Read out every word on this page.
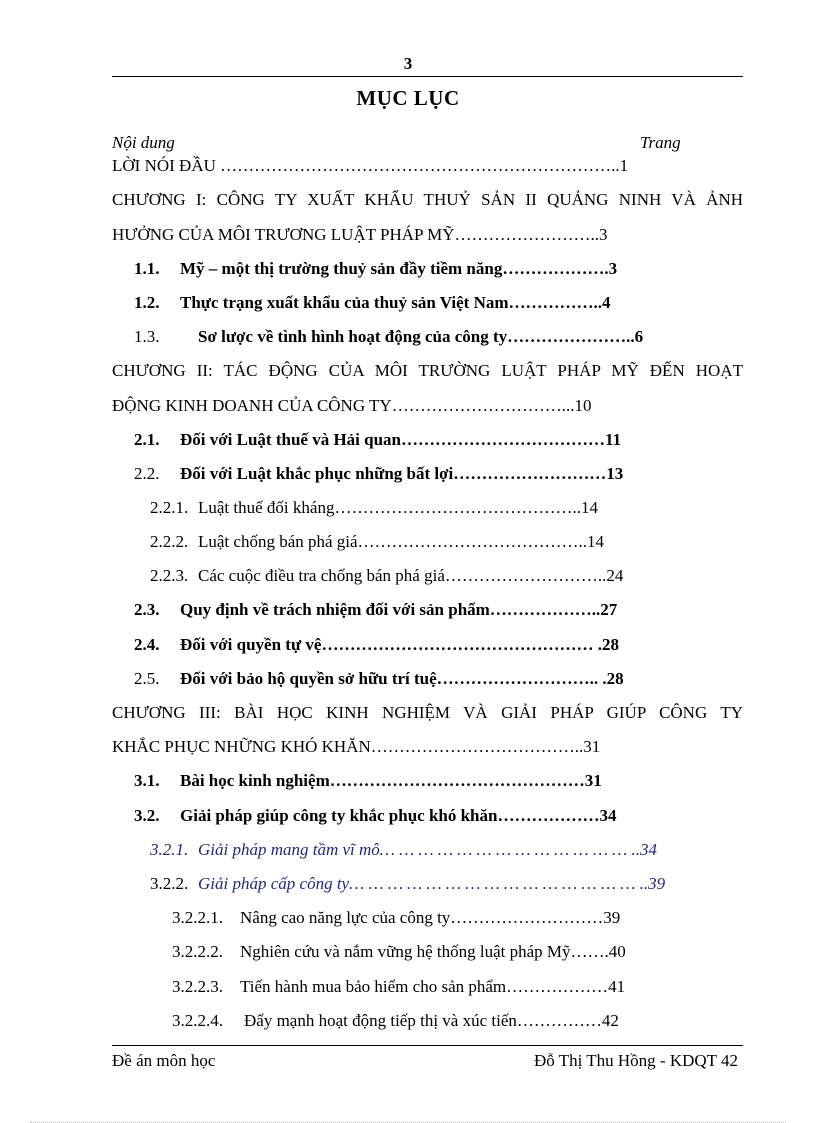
3
MỤC LỤC
Nội dung	Trang
LỜI NÓI ĐẦU ……………………………………………………………..1
CHƯƠNG I: CÔNG TY XUẤT KHẨU THUỶ SẢN II QUẢNG NINH VÀ ẢNH
HƯỞNG CỦA MÔI TRƯƠNG LUẬT PHÁP MỸ……………………..3
1.1. Mỹ – một thị trường thuỷ sản đầy tiềm năng……………….3
1.2. Thực trạng xuất khẩu của thuỷ sản Việt Nam……………..4
1.3. Sơ lược về tình hình hoạt động của công ty…………………..6
CHƯƠNG II: TÁC ĐỘNG CỦA MÔI TRƯỜNG LUẬT PHÁP MỸ ĐẾN HOẠT
ĐỘNG KINH DOANH CỦA CÔNG TY…………………………...10
2.1. Đối với Luật thuế và Hải quan………………………………11
2.2. Đối với Luật khắc phục những bất lợi………………………13
2.2.1. Luật thuế đối kháng……………………………………..14
2.2.2. Luật chống bán phá giá…………………………………..14
2.2.3. Các cuộc điều tra chống bán phá giá………………………..24
2.3. Quy định về trách nhiệm đối với sản phẩm………………..27
2.4. Đối với quyền tự vệ………………………………………… .28
2.5. Đối với bảo hộ quyền sở hữu trí tuệ……………………….. .28
CHƯƠNG III: BÀI HỌC KINH NGHIỆM VÀ GIẢI PHÁP GIÚP CÔNG TY
KHẮC PHỤC NHỮNG KHÓ KHĂN………………………………..31
3.1. Bài học kinh nghiệm………………………………………31
3.2. Giải pháp giúp công ty khắc phục khó khăn………………34
3.2.1. Giải pháp mang tầm vĩ mô… … … … … … … … … … … … … ..34
3.2.2. Giải pháp cấp công ty… … … … … … … … … … … … … … … ..39
3.2.2.1. Nâng cao năng lực của công ty………………………39
3.2.2.2. Nghiên cứu và nắm vững hệ thống luật pháp Mỹ…….40
3.2.2.3. Tiến hành mua bảo hiểm cho sản phẩm………………41
3.2.2.4. Đẩy mạnh hoạt động tiếp thị và xúc tiến……………42
Đề án môn học	Đỗ Thị Thu Hồng - KDQT 42
